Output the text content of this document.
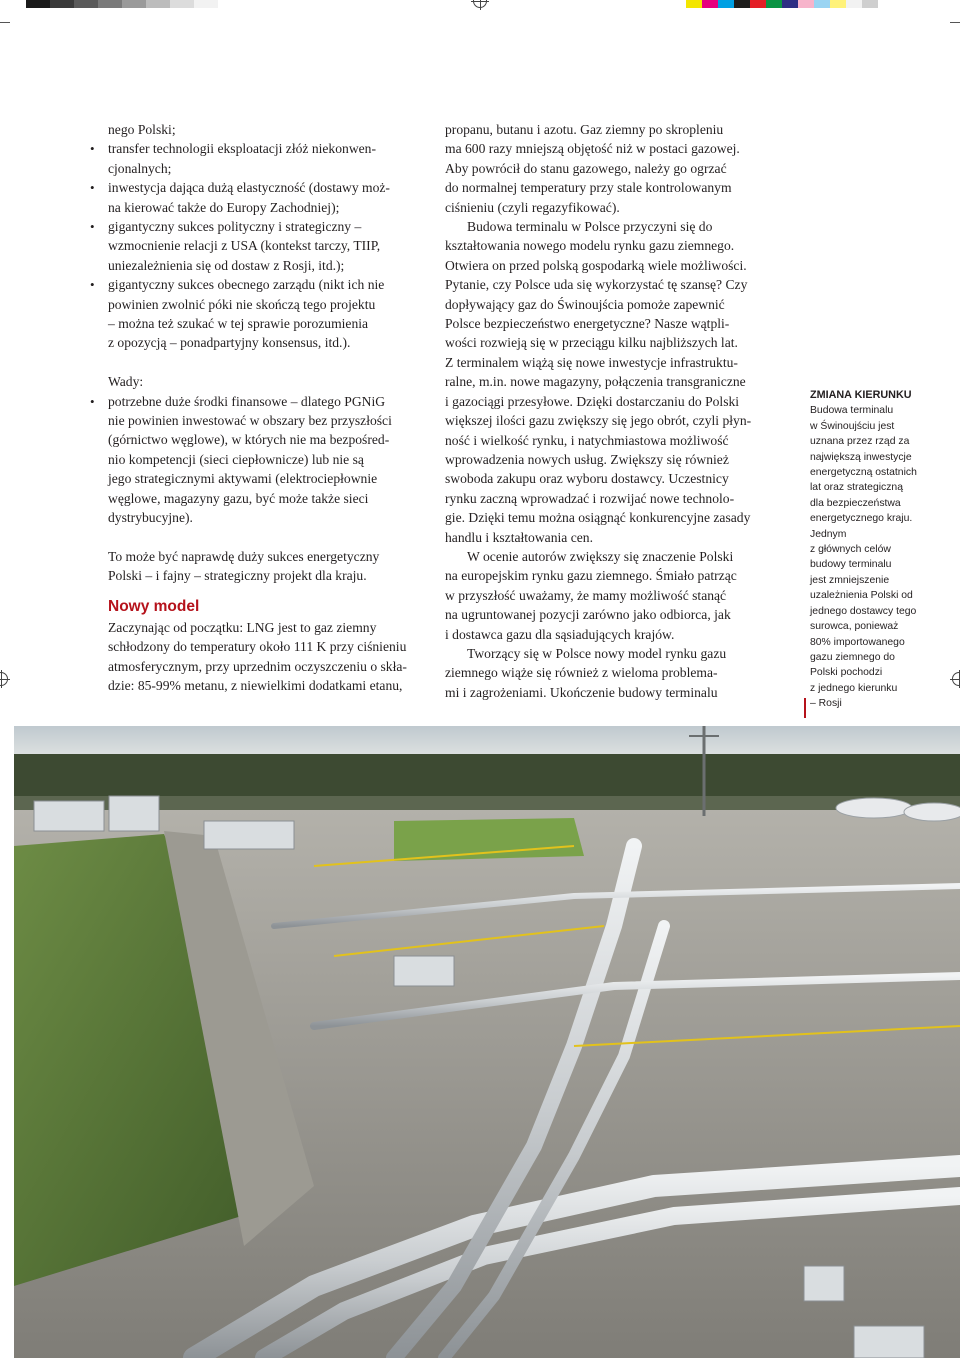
nego Polski;
• transfer technologii eksploatacji złóż niekonwen-
cjonalnych;
• inwestycja dająca dużą elastyczność (dostawy moż-
na kierować także do Europy Zachodniej);
• gigantyczny sukces polityczny i strategiczny –
wzmocnienie relacji z USA (kontekst tarczy, TIIP,
uniezależnienia się od dostaw z Rosji, itd.);
• gigantyczny sukces obecnego zarządu (nikt ich nie
powinien zwolnić póki nie skończą tego projektu
– można też szukać w tej sprawie porozumienia
z opozycją – ponadpartyjny konsensus, itd.).

Wady:

• potrzebne duże środki finansowe – dlatego PGNiG
nie powinien inwestować w obszary bez przyszłości
(górnictwo węglowe), w których nie ma bezpośred-
nio kompetencji (sieci ciepłownicze) lub nie są
jego strategicznymi aktywami (elektrociepłownie
węglowe, magazyny gazu, być może także sieci
dystrybucyjne).

To może być naprawdę duży sukces energetyczny
Polski – i fajny – strategiczny projekt dla kraju.

Nowy model

Zaczynając od początku: LNG jest to gaz ziemny
schłodzony do temperatury około 111 K przy ciśnieniu
atmosferycznym, przy uprzednim oczyszczeniu o skła-
dzie: 85-99% metanu, z niewielkimi dodatkami etanu,

propanu, butanu i azotu. Gaz ziemny po skropleniu
ma 600 razy mniejszą objętość niż w postaci gazowej.
Aby powrócił do stanu gazowego, należy go ogrzać
do normalnej temperatury przy stale kontrolowanym
ciśnieniu (czyli regazyfikować).

Budowa terminalu w Polsce przyczyni się do
kształtowania nowego modelu rynku gazu ziemnego.
Otwiera on przed polską gospodarką wiele możliwości.
Pytanie, czy Polsce uda się wykorzystać tę szansę? Czy
dopływający gaz do Świnoujścia pomoże zapewnić
Polsce bezpieczeństwo energetyczne? Nasze wątpli-
wości rozwieją się w przeciągu kilku najbliższych lat.
Z terminalem wiążą się nowe inwestycje infrastruktu-
ralne, m.in. nowe magazyny, połączenia transgraniczne
i gazociągi przesyłowe. Dzięki dostarczaniu do Polski
większej ilości gazu zwiększy się jego obrót, czyli płyn-
ność i wielkość rynku, i natychmiastowa możliwość
wprowadzenia nowych usług. Zwiększy się również
swoboda zakupu oraz wyboru dostawcy. Uczestnicy
rynku zaczną wprowadzać i rozwijać nowe technolo-
gie. Dzięki temu można osiągnąć konkurencyjne zasady
handlu i kształtowania cen.

W ocenie autorów zwiększy się znaczenie Polski
na europejskim rynku gazu ziemnego. Śmiało patrząc
w przyszłość uważamy, że mamy możliwość stanąć
na ugruntowanej pozycji zarówno jako odbiorca, jak
i dostawca gazu dla sąsiadujących krajów.

Tworzący się w Polsce nowy model rynku gazu
ziemnego wiąże się również z wieloma problema-
mi i zagrożeniami. Ukończenie budowy terminalu

ZMIANA KIERUNKU
Budowa terminalu
w Świnoujściu jest
uznana przez rząd za
największą inwestycje
energetyczną ostatnich
lat oraz strategiczną
dla bezpieczeństwa
energetycznego kraju.
Jednym
z głównych celów
budowy terminalu
jest zmniejszenie
uzależnienia Polski od
jednego dostawcy tego
surowca, ponieważ
80% importowanego
gazu ziemnego do
Polski pochodzi
z jednego kierunku
– Rosji
